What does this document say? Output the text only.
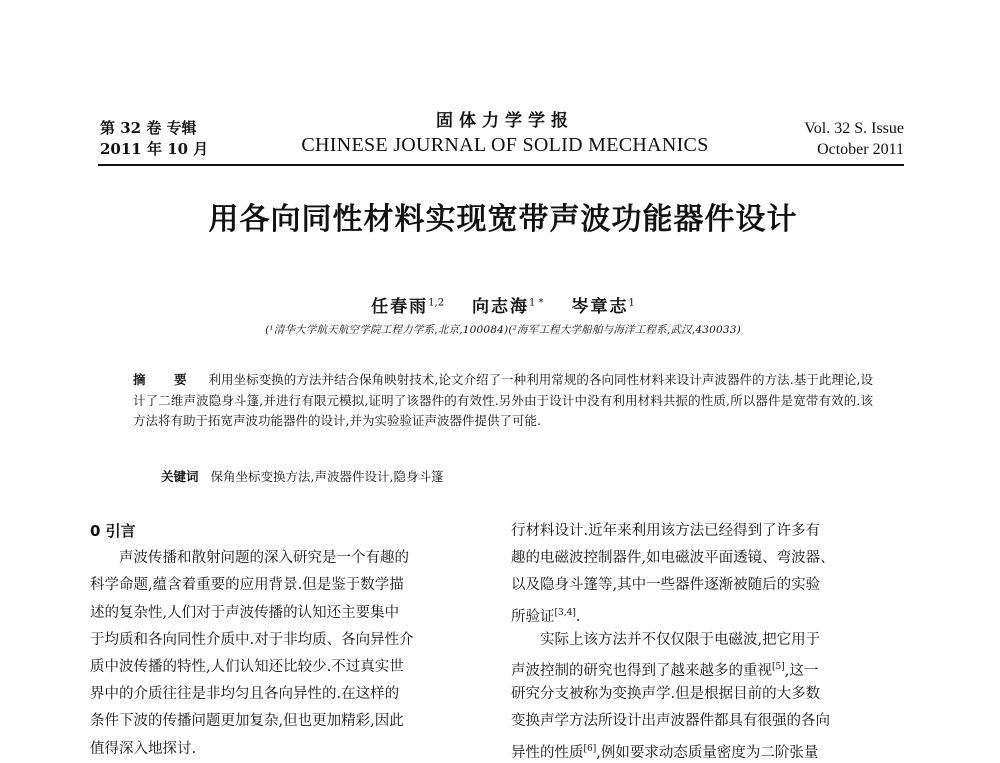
第 32 卷 专辑
2011 年 10 月
固体力学学报
CHINESE JOURNAL OF SOLID MECHANICS
Vol. 32 S. Issue
October 2011
用各向同性材料实现宽带声波功能器件设计
任春雨$^{1,2}$ 向志海$^{1 *}$ 岑章志$^1$
(¹清华大学航天航空学院工程力学系,北京,100084)(²海军工程大学船舶与海洋工程系,武汉,430033)
摘 要 利用坐标变换的方法并结合保角映射技术,论文介绍了一种利用常规的各向同性材料来设计声波器件的方法.基于此理论,设计了二维声波隐身斗篷,并进行有限元模拟,证明了该器件的有效性.另外由于设计中没有利用材料共振的性质,所以器件是宽带有效的.该方法将有助于拓宽声波功能器件的设计,并为实验验证声波器件提供了可能.
关键词 保角坐标变换方法,声波器件设计,隐身斗篷
0 引言
声波传播和散射问题的深入研究是一个有趣的
科学命题,蕴含着重要的应用背景.但是鉴于数学描
述的复杂性,人们对于声波传播的认知还主要集中
于均质和各向同性介质中.对于非均质、各向异性介
质中波传播的特性,人们认知还比较少.不过真实世
界中的介质往往是非均匀且各向异性的.在这样的
条件下波的传播问题更加复杂,但也更加精彩,因此
值得深入地探讨.
行材料设计.近年来利用该方法已经得到了许多有
趣的电磁波控制器件,如电磁波平面透镜、弯波器、
以及隐身斗篷等,其中一些器件逐渐被随后的实验
所验证[3,4].
实际上该方法并不仅仅限于电磁波,把它用于
声波控制的研究也得到了越来越多的重视[5],这一
研究分支被称为变换声学.但是根据目前的大多数
变换声学方法所设计出声波器件都具有很强的各向
异性的性质[6],例如要求动态质量密度为二阶张量
